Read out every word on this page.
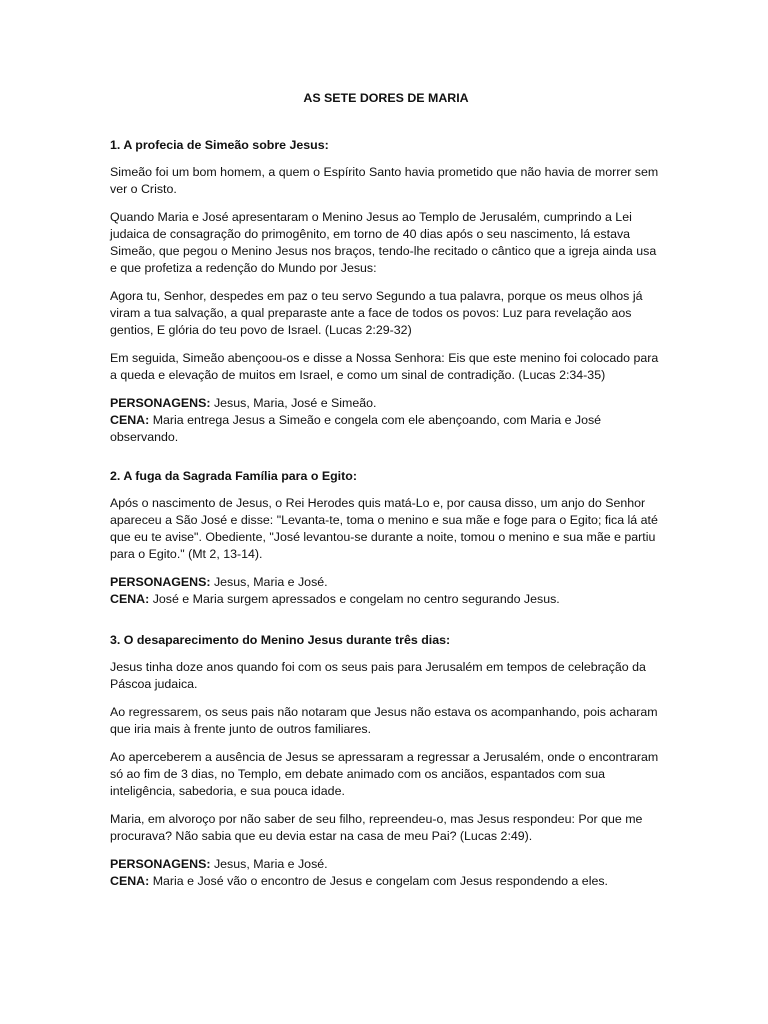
AS SETE DORES DE MARIA
1. A profecia de Simeão sobre Jesus:

Simeão foi um bom homem, a quem o Espírito Santo havia prometido que não havia de morrer sem ver o Cristo.

Quando Maria e José apresentaram o Menino Jesus ao Templo de Jerusalém, cumprindo a Lei judaica de consagração do primogênito, em torno de 40 dias após o seu nascimento, lá estava Simeão, que pegou o Menino Jesus nos braços, tendo-lhe recitado o cântico que a igreja ainda usa e que profetiza a redenção do Mundo por Jesus:

Agora tu, Senhor, despedes em paz o teu servo Segundo a tua palavra, porque os meus olhos já viram a tua salvação, a qual preparaste ante a face de todos os povos: Luz para revelação aos gentios, E glória do teu povo de Israel. (Lucas 2:29-32)

Em seguida, Simeão abençoou-os e disse a Nossa Senhora: Eis que este menino foi colocado para a queda e elevação de muitos em Israel, e como um sinal de contradição. (Lucas 2:34-35)

PERSONAGENS: Jesus, Maria, José e Simeão.
CENA: Maria entrega Jesus a Simeão e congela com ele abençoando, com Maria e José observando.
2. A fuga da Sagrada Família para o Egito:

Após o nascimento de Jesus, o Rei Herodes quis matá-Lo e, por causa disso, um anjo do Senhor apareceu a São José e disse: "Levanta-te, toma o menino e sua mãe e foge para o Egito; fica lá até que eu te avise". Obediente, "José levantou-se durante a noite, tomou o menino e sua mãe e partiu para o Egito." (Mt 2, 13-14).

PERSONAGENS: Jesus, Maria e José.
CENA: José e Maria surgem apressados e congelam no centro segurando Jesus.
3. O desaparecimento do Menino Jesus durante três dias:

Jesus tinha doze anos quando foi com os seus pais para Jerusalém em tempos de celebração da Páscoa judaica.

Ao regressarem, os seus pais não notaram que Jesus não estava os acompanhando, pois acharam que iria mais à frente junto de outros familiares.

Ao aperceberem a ausência de Jesus se apressaram a regressar a Jerusalém, onde o encontraram só ao fim de 3 dias, no Templo, em debate animado com os anciãos, espantados com sua inteligência, sabedoria, e sua pouca idade.

Maria, em alvoroço por não saber de seu filho, repreendeu-o, mas Jesus respondeu: Por que me procurava? Não sabia que eu devia estar na casa de meu Pai? (Lucas 2:49).

PERSONAGENS: Jesus, Maria e José.
CENA: Maria e José vão o encontro de Jesus e congelam com Jesus respondendo a eles.
